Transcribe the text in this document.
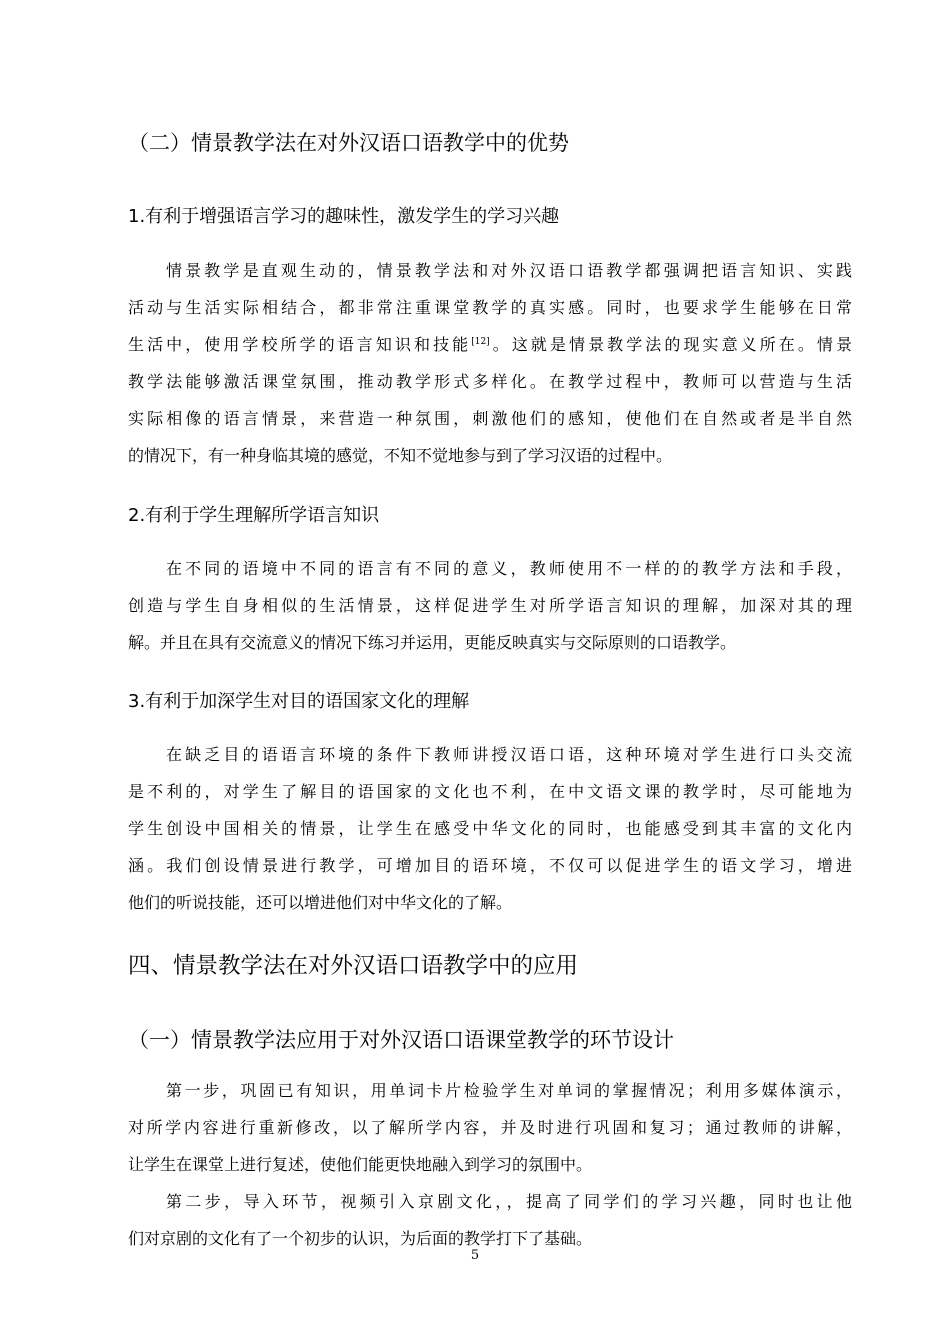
（二）情景教学法在对外汉语口语教学中的优势
1.有利于增强语言学习的趣味性，激发学生的学习兴趣
情景教学是直观生动的，情景教学法和对外汉语口语教学都强调把语言知识、实践
活动与生活实际相结合，都非常注重课堂教学的真实感。同时，也要求学生能够在日常
生活中，使用学校所学的语言知识和技能[12]。这就是情景教学法的现实意义所在。情景
教学法能够激活课堂氛围，推动教学形式多样化。在教学过程中，教师可以营造与生活
实际相像的语言情景，来营造一种氛围，刺激他们的感知，使他们在自然或者是半自然
的情况下，有一种身临其境的感觉，不知不觉地参与到了学习汉语的过程中。
2.有利于学生理解所学语言知识
在不同的语境中不同的语言有不同的意义，教师使用不一样的的教学方法和手段，
创造与学生自身相似的生活情景，这样促进学生对所学语言知识的理解，加深对其的理
解。并且在具有交流意义的情况下练习并运用，更能反映真实与交际原则的口语教学。
3.有利于加深学生对目的语国家文化的理解
在缺乏目的语语言环境的条件下教师讲授汉语口语，这种环境对学生进行口头交流
是不利的，对学生了解目的语国家的文化也不利，在中文语文课的教学时，尽可能地为
学生创设中国相关的情景，让学生在感受中华文化的同时，也能感受到其丰富的文化内
涵。我们创设情景进行教学，可增加目的语环境，不仅可以促进学生的语文学习，增进
他们的听说技能，还可以增进他们对中华文化的了解。
四、情景教学法在对外汉语口语教学中的应用
（一）情景教学法应用于对外汉语口语课堂教学的环节设计
第一步，巩固已有知识，用单词卡片检验学生对单词的掌握情况；利用多媒体演示，
对所学内容进行重新修改，以了解所学内容，并及时进行巩固和复习；通过教师的讲解，
让学生在课堂上进行复述，使他们能更快地融入到学习的氛围中。
第二步，导入环节，视频引入京剧文化，，提高了同学们的学习兴趣，同时也让他
们对京剧的文化有了一个初步的认识，为后面的教学打下了基础。
5
